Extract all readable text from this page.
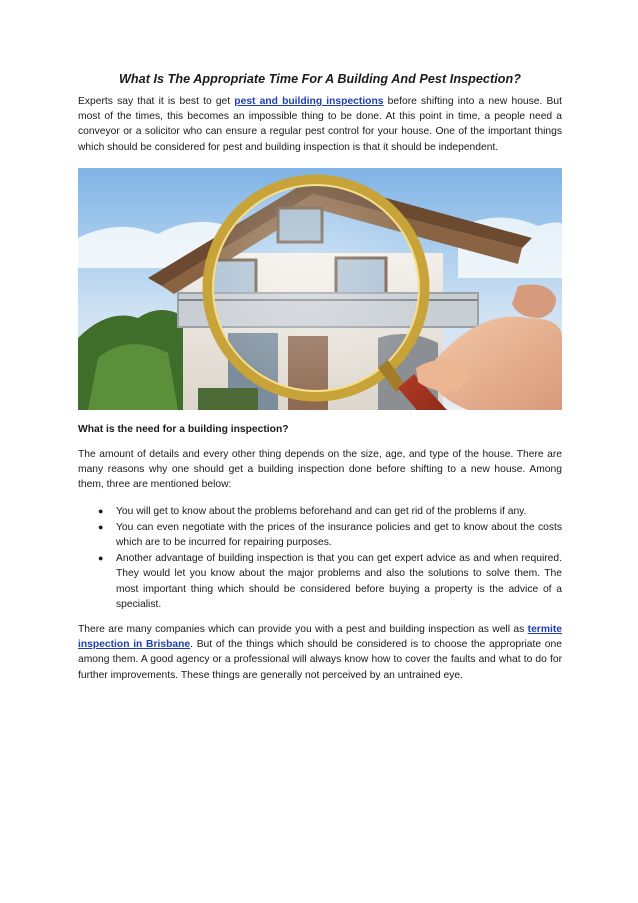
What Is The Appropriate Time For A Building And Pest Inspection?

Experts say that it is best to get pest and building inspections before shifting into a new house. But most of the times, this becomes an impossible thing to be done. At this point in time, a people need a conveyor or a solicitor who can ensure a regular pest control for your house. One of the important things which should be considered for pest and building inspection is that it should be independent.

What is the need for a building inspection?

The amount of details and every other thing depends on the size, age, and type of the house. There are many reasons why one should get a building inspection done before shifting to a new house. Among them, three are mentioned below:

● You will get to know about the problems beforehand and can get rid of the problems if any.
● You can even negotiate with the prices of the insurance policies and get to know about the costs which are to be incurred for repairing purposes.
● Another advantage of building inspection is that you can get expert advice as and when required. They would let you know about the major problems and also the solutions to solve them. The most important thing which should be considered before buying a property is the advice of a specialist.

There are many companies which can provide you with a pest and building inspection as well as termite inspection in Brisbane. But of the things which should be considered is to choose the appropriate one among them. A good agency or a professional will always know how to cover the faults and what to do for further improvements. These things are generally not perceived by an untrained eye.
